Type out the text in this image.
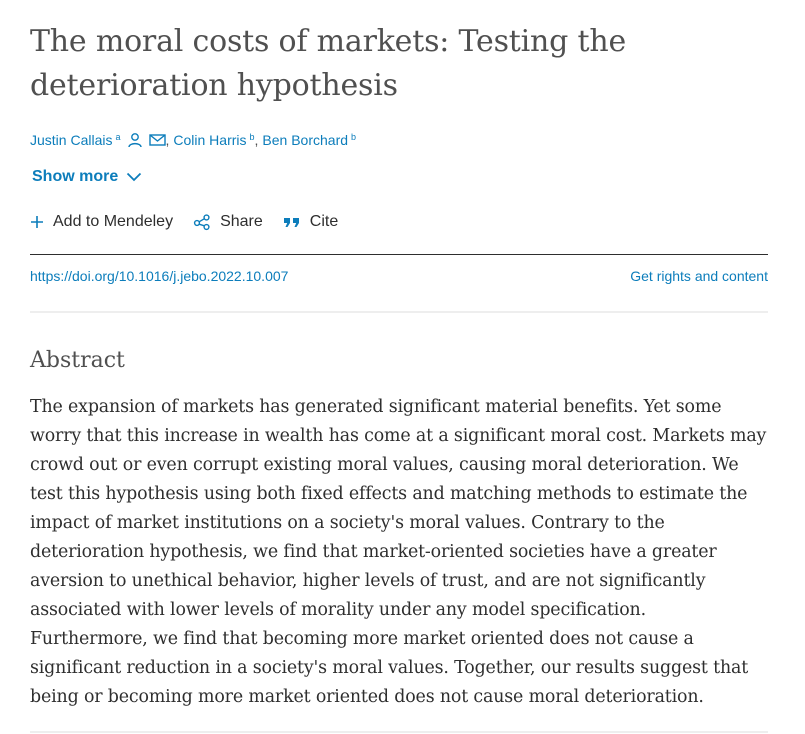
The moral costs of markets: Testing the deterioration hypothesis
Justin Callais a	, Colin Harris b , Ben Borchard b
Show more
Add to Mendeley	Share	Cite
https://doi.org/10.1016/j.jebo.2022.10.007	Get rights and content
Abstract

The expansion of markets has generated significant material benefits. Yet some worry that this increase in wealth has come at a significant moral cost. Markets may crowd out or even corrupt existing moral values, causing moral deterioration. We test this hypothesis using both fixed effects and matching methods to estimate the impact of market institutions on a society's moral values. Contrary to the deterioration hypothesis, we find that market-oriented societies have a greater aversion to unethical behavior, higher levels of trust, and are not significantly associated with lower levels of morality under any model specification. Furthermore, we find that becoming more market oriented does not cause a significant reduction in a society's moral values. Together, our results suggest that being or becoming more market oriented does not cause moral deterioration.
